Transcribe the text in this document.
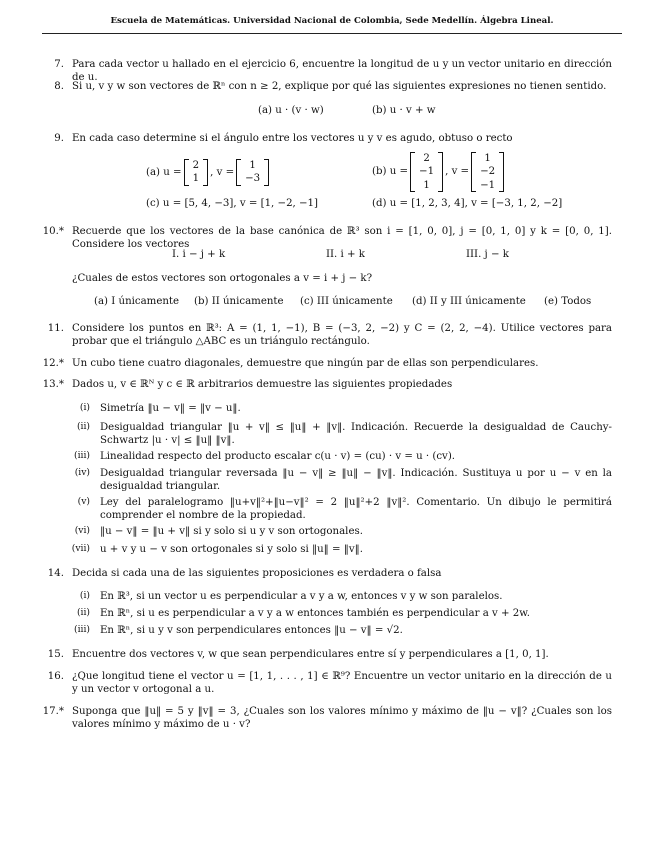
Escuela de Matemáticas. Universidad Nacional de Colombia, Sede Medellín. Álgebra Lineal.
7. Para cada vector u hallado en el ejercicio 6, encuentre la longitud de u y un vector unitario en dirección de u.
8. Si u, v y w son vectores de ℝⁿ con n ≥ 2, explique por qué las siguientes expresiones no tienen sentido.
(a) u · (v · w)	(b) u · v + w
9. En cada caso determine si el ángulo entre los vectores u y v es agudo, obtuso o recto
(a) u =
2
1
, v =
1
−3
(b) u =
2
−1
1
, v =
1
−2
−1
(c) u = [5, 4, −3], v = [1, −2, −1]	(d) u = [1, 2, 3, 4], v = [−3, 1, 2, −2]
10.* Recuerde que los vectores de la base canónica de ℝ³ son i = [1, 0, 0], j = [0, 1, 0] y k = [0, 0, 1]. Considere los vectores
I. i − j + k	II. i + k	III. j − k
¿Cuales de estos vectores son ortogonales a v = i + j − k?
(a) I únicamente (b) II únicamente (c) III únicamente (d) II y III únicamente (e) Todos
11. Considere los puntos en ℝ³: A = (1, 1, −1), B = (−3, 2, −2) y C = (2, 2, −4). Utilice vectores para probar que el triángulo △ABC es un triángulo rectángulo.
12.* Un cubo tiene cuatro diagonales, demuestre que ningún par de ellas son perpendiculares.
13.* Dados u, v ∈ ℝᴺ y c ∈ ℝ arbitrarios demuestre las siguientes propiedades
(i) Simetría ‖u − v‖ = ‖v − u‖.
(ii) Desigualdad triangular ‖u + v‖ ≤ ‖u‖ + ‖v‖. Indicación. Recuerde la desigualdad de Cauchy-Schwartz |u · v| ≤ ‖u‖ ‖v‖.
(iii) Linealidad respecto del producto escalar c(u · v) = (cu) · v = u · (cv).
(iv) Desigualdad triangular reversada ‖u − v‖ ≥ ‖u‖ − ‖v‖. Indicación. Sustituya u por u − v en la desigualdad triangular.
(v) Ley del paralelogramo ‖u+v‖²+‖u−v‖² = 2 ‖u‖²+2 ‖v‖². Comentario. Un dibujo le permitirá comprender el nombre de la propiedad.
(vi) ‖u − v‖ = ‖u + v‖ si y solo si u y v son ortogonales.
(vii) u + v y u − v son ortogonales si y solo si ‖u‖ = ‖v‖.
14. Decida si cada una de las siguientes proposiciones es verdadera o falsa
(i) En ℝ³, si un vector u es perpendicular a v y a w, entonces v y w son paralelos.
(ii) En ℝⁿ, si u es perpendicular a v y a w entonces también es perpendicular a v + 2w.
(iii) En ℝⁿ, si u y v son perpendiculares entonces ‖u − v‖ = √2.
15. Encuentre dos vectores v, w que sean perpendiculares entre sí y perpendiculares a [1, 0, 1].
16. ¿Que longitud tiene el vector u = [1, 1, . . . , 1] ∈ ℝ⁹? Encuentre un vector unitario en la dirección de u y un vector v ortogonal a u.
17.* Suponga que ‖u‖ = 5 y ‖v‖ = 3, ¿Cuales son los valores mínimo y máximo de ‖u − v‖? ¿Cuales son los valores mínimo y máximo de u · v?
